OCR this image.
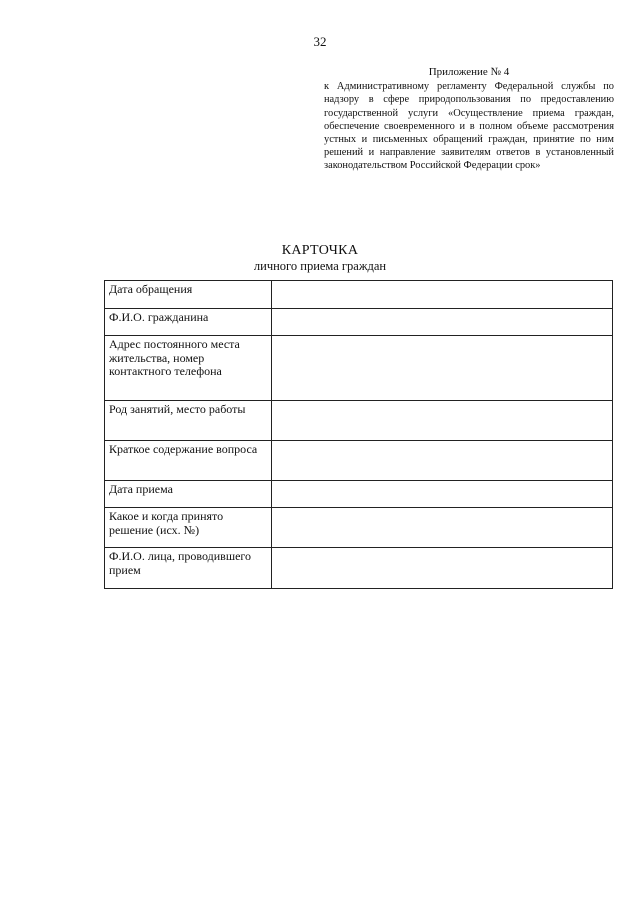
32
Приложение № 4
к Административному регламенту Федеральной службы по надзору в сфере природопользования по предоставлению государственной услуги «Осуществление приема граждан, обеспечение своевременного и в полном объеме рассмотрения устных и письменных обращений граждан, принятие по ним решений и направление заявителям ответов в установленный законодательством Российской Федерации срок»
КАРТОЧКА
личного приема граждан
Дата обращения	
Ф.И.О. гражданина	
Адрес постоянного места жительства, номер контактного телефона	
Род занятий, место работы	
Краткое содержание вопроса	
Дата приема	
Какое и когда принято решение (исх. №)	
Ф.И.О. лица, проводившего прием	
